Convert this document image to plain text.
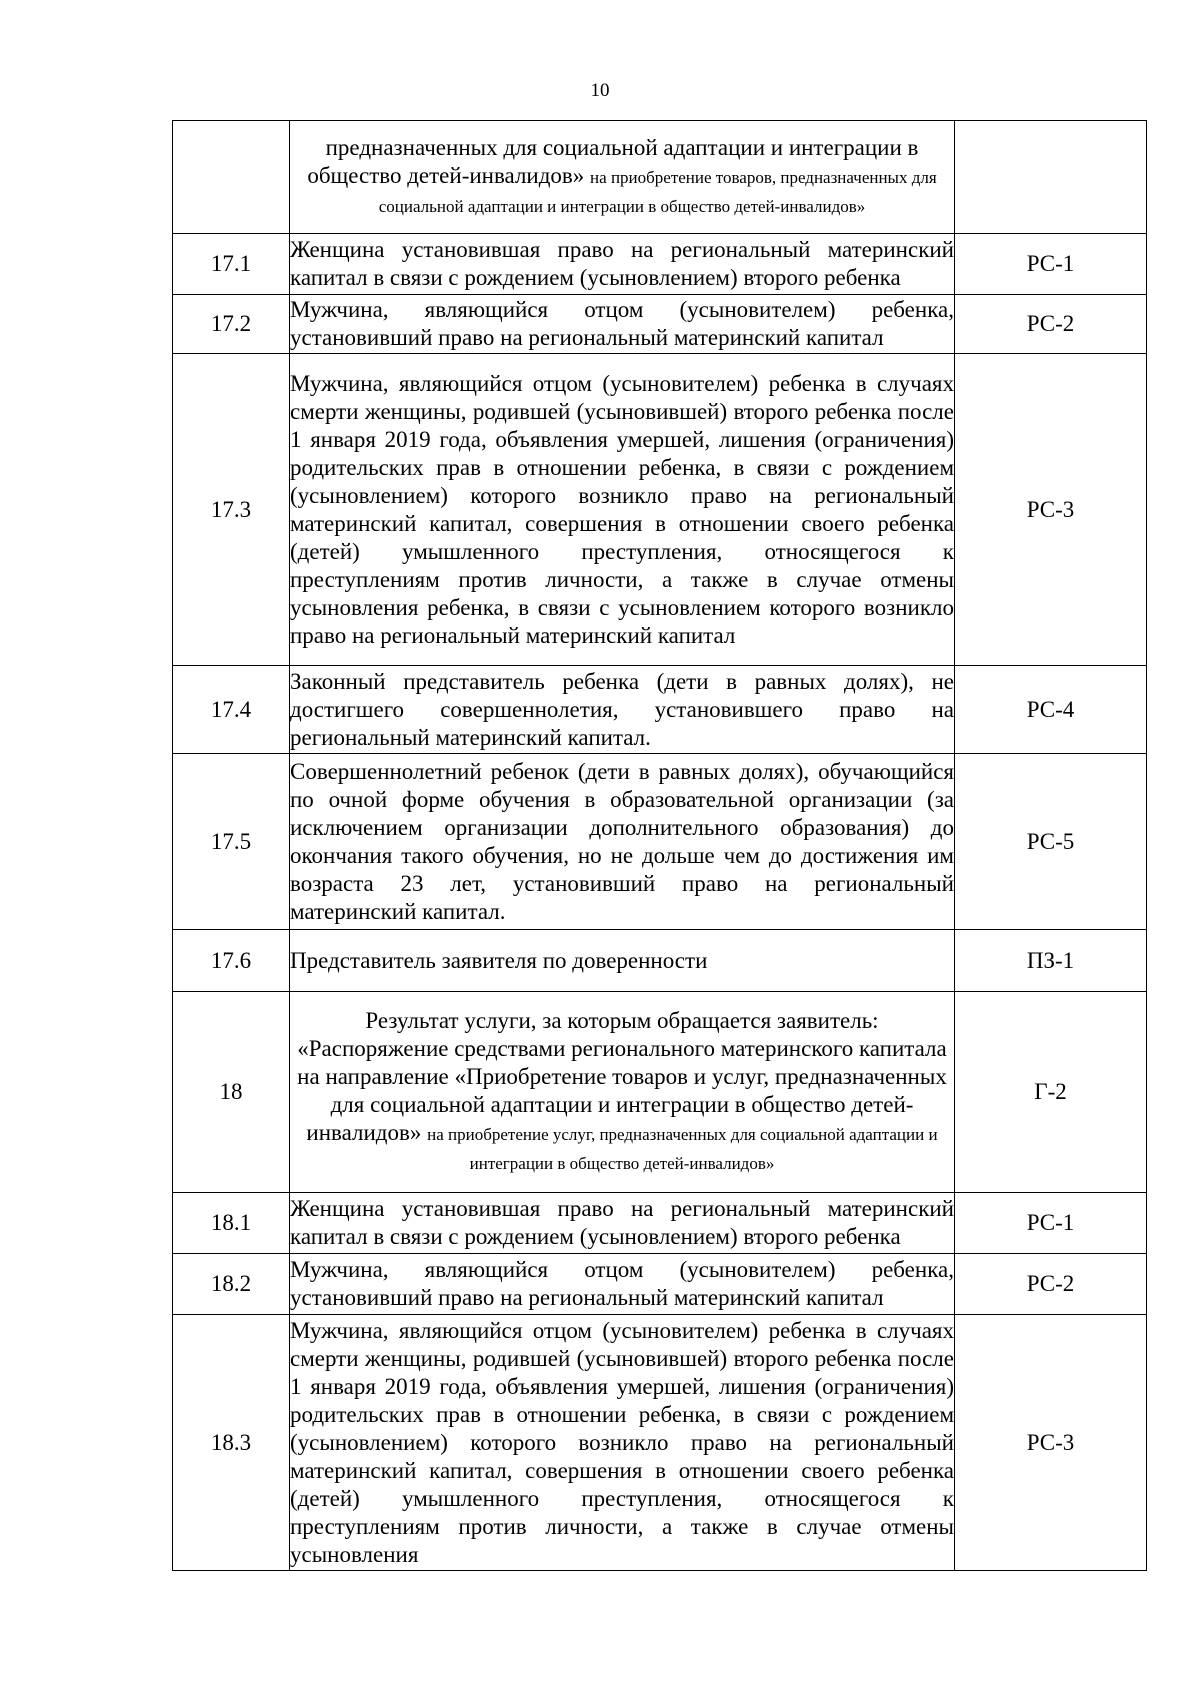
10
	предназначенных для социальной адаптации и интеграции в общество детей-инвалидов» на приобретение товаров, предназначенных для социальной адаптации и интеграции в общество детей-инвалидов»	
17.1	Женщина установившая право на региональный материнский капитал в связи с рождением (усыновлением) второго ребенка	РС-1
17.2	Мужчина, являющийся отцом (усыновителем) ребенка, установивший право на региональный материнский капитал	РС-2
17.3	Мужчина, являющийся отцом (усыновителем) ребенка в случаях смерти женщины, родившей (усыновившей) второго ребенка после 1 января 2019 года, объявления умершей, лишения (ограничения) родительских прав в отношении ребенка, в связи с рождением (усыновлением) которого возникло право на региональный материнский капитал, совершения в отношении своего ребенка (детей) умышленного преступления, относящегося к преступлениям против личности, а также в случае отмены усыновления ребенка, в связи с усыновлением которого возникло право на региональный материнский капитал	РС-3
17.4	Законный представитель ребенка (дети в равных долях), не достигшего совершеннолетия, установившего право на региональный материнский капитал.	РС-4
17.5	Совершеннолетний ребенок (дети в равных долях), обучающийся по очной форме обучения в образовательной организации (за исключением организации дополнительного образования) до окончания такого обучения, но не дольше чем до достижения им возраста 23 лет, установивший право на региональный материнский капитал.	РС-5
17.6	Представитель заявителя по доверенности	ПЗ-1
18	Результат услуги, за которым обращается заявитель: «Распоряжение средствами регионального материнского капитала на направление «Приобретение товаров и услуг, предназначенных для социальной адаптации и интеграции в общество детей-инвалидов» на приобретение услуг, предназначенных для социальной адаптации и интеграции в общество детей-инвалидов»	Г-2
18.1	Женщина установившая право на региональный материнский капитал в связи с рождением (усыновлением) второго ребенка	РС-1
18.2	Мужчина, являющийся отцом (усыновителем) ребенка, установивший право на региональный материнский капитал	РС-2
18.3	Мужчина, являющийся отцом (усыновителем) ребенка в случаях смерти женщины, родившей (усыновившей) второго ребенка после 1 января 2019 года, объявления умершей, лишения (ограничения) родительских прав в отношении ребенка, в связи с рождением (усыновлением) которого возникло право на региональный материнский капитал, совершения в отношении своего ребенка (детей) умышленного преступления, относящегося к преступлениям против личности, а также в случае отмены усыновления	РС-3
